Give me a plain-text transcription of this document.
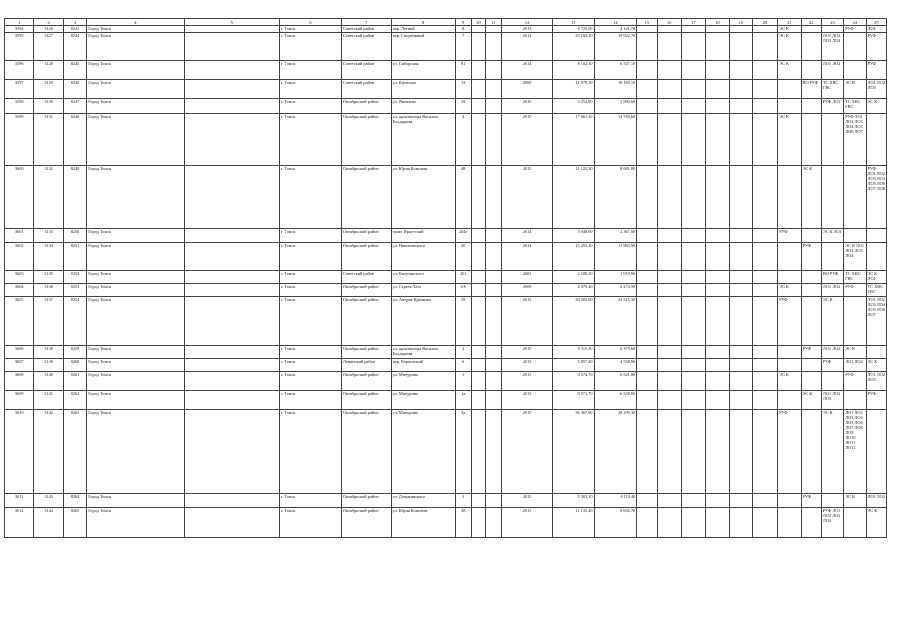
1	2	3	4	5	6	7	8	9	10	11	12	13	14	15	16	17	18	19	20	21	22	23	24	25
3594	3126	8243	Город Томск		г. Томск	Советский район	пер. Летний	8			2013	4 725,00	4 121,70							ЭС К			РУФ	ЛО1
3595	3127	8244	Город Томск		г. Томск	Советский район	пер. Спортивный	7			2014	25 163,10	19 922,70							ЭС К		ЛО1 ЛО2 ЛО3 ЛО4		РУФ
3596	3128	8245	Город Томск		г. Томск	Советский район	ул. Сибирская	91			2014	8 102,10	6 537,10							ЭС К		ЛО1 ЛО2		РУФ
3597	3129	8246	Город Томск		г. Томск	Советский район	ул. Киевская	13			2000	11 979,30	10 169,10								ВО РУФ	ТС ХВС ГВС	ЭС К	ЛО1 ЛО2 ЛО3
3598	3130	8247	Город Томск		г. Томск	Октябрьский район	ул. Яковлева	19			2010	3 254,90	2 980,60									РУФ ЛО1	ТС ХВС ГВС	ЭС К
3599	3131	8248	Город Томск		г. Томск	Октябрьский район	ул. архитектора Василия Болдырева	4			2015	17 661,30	13 769,60							ЭС К			РУФ ЛО1 ЛО2 ЛО3 ЛО4 ЛО5 ЛО6 ЛО7	
3600	3132	8249	Город Томск		г. Томск	Октябрьский район	ул. Юрия Ковалева	48			2015	11 122,30	8 681,90								ЭС К			РУФ ЛО1 ЛО2 ЛО3 ЛО4 ЛО5 ЛО6 ЛО7 ЛО8
3601	3133	8250	Город Томск		г. Томск	Октябрьский район	тракт Иркутский	204г			2014	3 048,00	2 367,00							РУФ		ЭС К ЛО1		
3602	3134	8251	Город Томск		г. Томск	Октябрьский район	ул. Никитинского	20			2014	15 293,30	11 983,90								РУФ		ЭС К ЛО1 ЛО2 ЛО3 ЛО4	
3603	3135	8252	Город Томск		г. Томск	Советский район	ул. Бакунинского	201			2003	2 108,30	1 910,90									ВО РУФ	ТС ХВС ГВС	ЭС К ЛО1
3604	3136	8253	Город Томск		г. Томск	Октябрьский район	ул. Сергея Лазо	3/6			2009	4 078,40	2 274,90							ЭС К		ЛО1 ЛО2	РУФ	ТС ХВС ГВС
3605	3137	8254	Город Томск		г. Томск	Октябрьский район	ул. Андрея Крячкова	19			2015	30 303,60	23 315,30							РУФ		ЭС К		ЛО1 ЛО2 ЛО3 ЛО4 ЛО5 ЛО6 ЛО7
3606	3138	8259	Город Томск		г. Томск	Октябрьский район	ул. архитектора Василия Болдырева	2			2015	8 315,30	6 375,60								РУФ	ЛО1 ЛО2	ЭС К	
3607	3139	8260	Город Томск		г. Томск	Ленинский район	пер. Карповский	6			2015	5 857,30	4 538,90									РУФ	ЛО1 ЛО2	ЭС К
3608	3140	8261	Город Томск		г. Томск	Октябрьский район	ул. Мичурина	1			2015	8 574,70	6 541,80							ЭС К			РУФ	ЛО1 ЛО2 ЛО3
3609	3141	8262	Город Томск		г. Томск	Октябрьский район	ул. Мичурина	1а			2015	8 571,70	6 538,80								ЭС К	ЛО1 ЛО2 ЛО3		РУФ
3610	3142	8263	Город Томск		г. Томск	Октябрьский район	ул. Мичурина	3д			2015	36 367,90	28 299,30							РУФ		ЭС К	ЛО1 ЛО2 ЛО3 ЛО4 ЛО5 ЛО6 ЛО7 ЛО8 ЛО9 ЛО10 ЛО11 ЛО12	
3611	3143	8264	Город Томск		г. Томск	Октябрьский район	ул. Дзержинского	3			2015	5 303,10	4 119,40								РУФ		ЭС К	ЛО1 ЛО2
3612	3144	8265	Город Томск		г. Томск	Октябрьский район	ул. Юрия Ковалева	38			2015	11 135,40	8 636,70									РУФ ЛО1 ЛО2 ЛО3 ЛО4		ЭС К
